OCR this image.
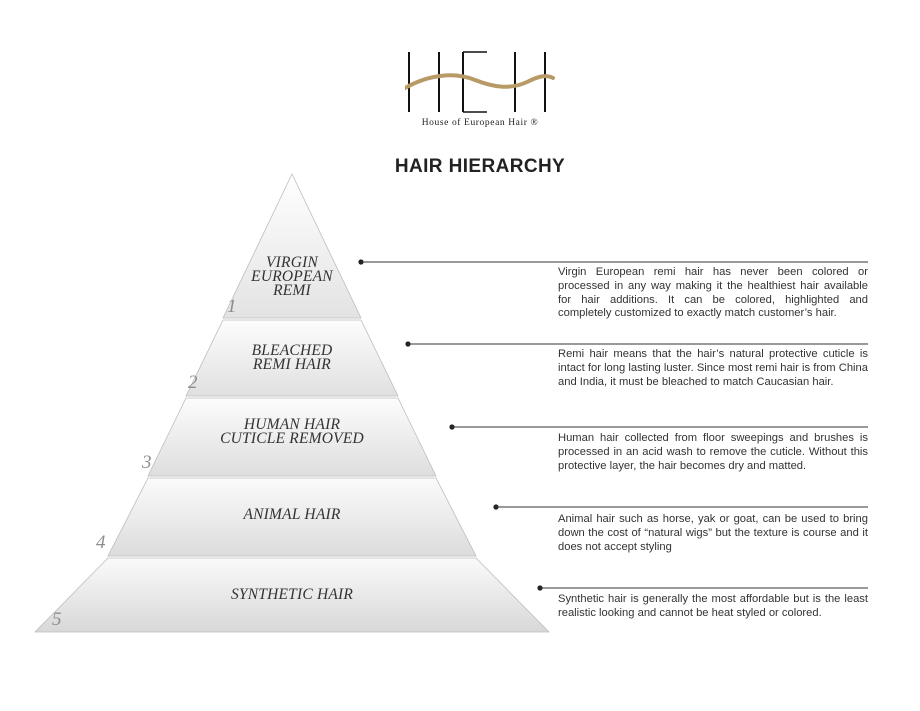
House of European Hair ®
HAIR HIERARCHY
VIRGIN
EUROPEAN
REMI
BLEACHED
REMI HAIR
HUMAN HAIR
CUTICLE REMOVED
ANIMAL HAIR
SYNTHETIC HAIR
1
2
3
4
5
Virgin European remi hair has never been colored or processed in any way making it the healthiest hair available for hair additions. It can be colored, highlighted and completely customized to exactly match customer’s hair.
Remi hair means that the hair’s natural protective cuticle is intact for long lasting luster. Since most remi hair is from China and India, it must be bleached to match Caucasian hair.
Human hair collected from floor sweepings and brushes is processed in an acid wash to remove the cuticle. Without this protective layer, the hair becomes dry and matted.
Animal hair such as horse, yak or goat, can be used to bring down the cost of “natural wigs” but the texture is course and it does not accept styling
Synthetic hair is generally the most affordable but is the least realistic looking and cannot be heat styled or colored.
